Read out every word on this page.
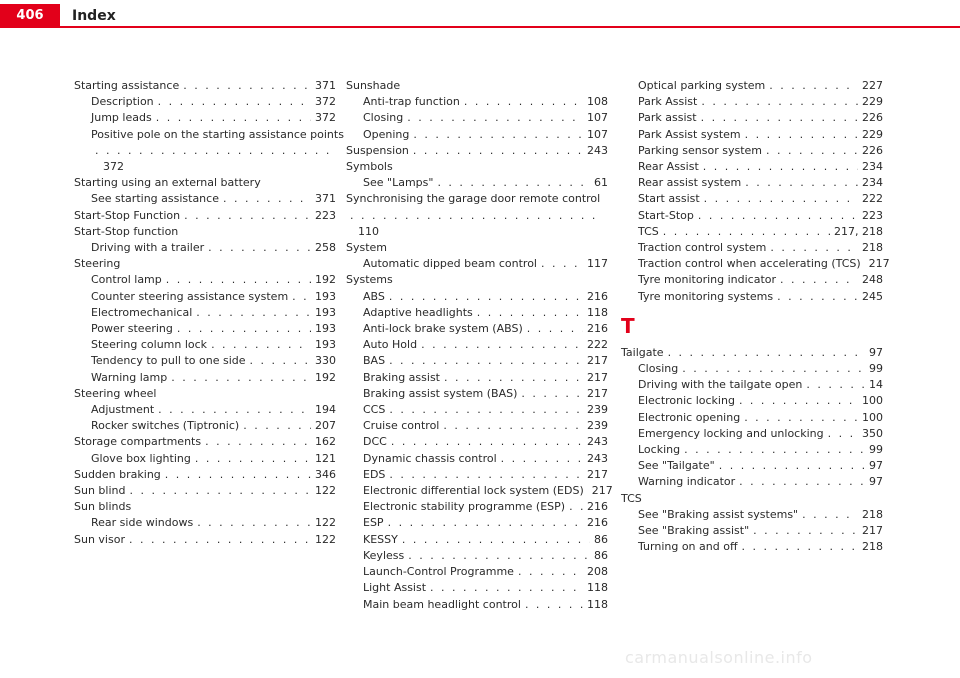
406	Index
Starting assistance . . .	371
Description . . .	372
Jump leads . . .	372
Positive pole on the starting assistance points
. . .
372
Starting using an external battery
See starting assistance . . .	371
Start-Stop Function . . .	223
Start-Stop function
Driving with a trailer . . .	258
Steering
Control lamp . . .	192
Counter steering assistance system . . . 193
Electromechanical . . .	193
Power steering . . .	193
Steering column lock . . .	193
Tendency to pull to one side . . .	330
Warning lamp . . .	192
Steering wheel
Adjustment . . .	194
Rocker switches (Tiptronic) . . .	207
Storage compartments . . .	162
Glove box lighting . . .	121
Sudden braking . . .	346
Sun blind . . .	122
Sun blinds
Rear side windows . . .	122
Sun visor . . .	122
Sunshade
Anti-trap function . . .	108
Closing . . .	107
Opening . . .	107
Suspension . . .	243
Symbols
See "Lamps" . . .	61
Synchronising the garage door remote control
. . .
110
System
Automatic dipped beam control . . .	117
Systems
ABS . . .	216
Adaptive headlights . . .	118
Anti-lock brake system (ABS) . . .	216
Auto Hold . . .	222
BAS . . .	217
Braking assist . . .	217
Braking assist system (BAS) . . .	217
CCS . . .	239
Cruise control . . .	239
DCC . . .	243
Dynamic chassis control . . .	243
EDS . . .	217
Electronic differential lock system (EDS) 217
Electronic stability programme (ESP) . . . 216
ESP . . .	216
KESSY . . .	86
Keyless . . .	86
Launch-Control Programme . . .	208
Light Assist . . .	118
Main beam headlight control . . .	118
Optical parking system . . .	227
Park Assist . . .	229
Park assist . . .	226
Park Assist system . . .	229
Parking sensor system . . .	226
Rear Assist . . .	234
Rear assist system . . .	234
Start assist . . .	222
Start-Stop . . .	223
TCS . . .	217, 218
Traction control system . . .	218
Traction control when accelerating (TCS) 217
Tyre monitoring indicator . . .	248
Tyre monitoring systems . . .	245
T
Tailgate . . .	97
Closing . . .	99
Driving with the tailgate open . . .	14
Electronic locking . . .	100
Electronic opening . . .	100
Emergency locking and unlocking . . .	350
Locking . . .	99
See "Tailgate" . . .	97
Warning indicator . . .	97
TCS
See "Braking assist systems" . . .	218
See "Braking assist" . . .	217
Turning on and off . . .	218
carmanualsonline.info
